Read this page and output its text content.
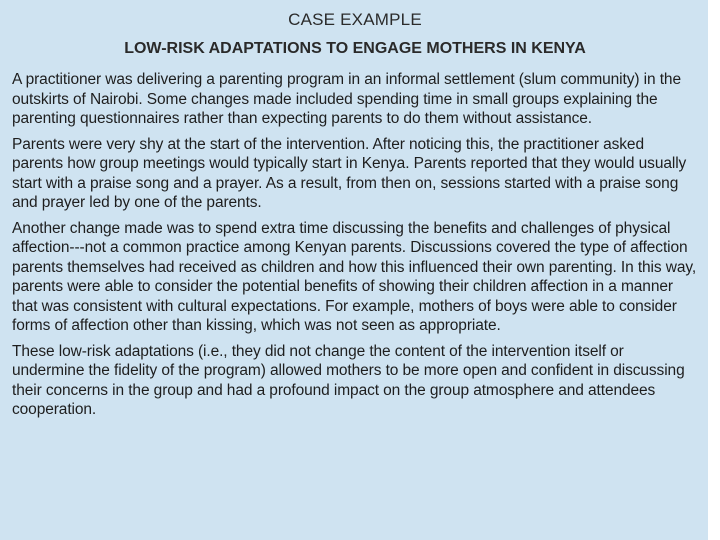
CASE EXAMPLE
LOW-RISK ADAPTATIONS TO ENGAGE MOTHERS IN KENYA

A practitioner was delivering a parenting program in an informal settlement (slum community) in the outskirts of Nairobi. Some changes made included spending time in small groups explaining the parenting questionnaires rather than expecting parents to do them without assistance.

Parents were very shy at the start of the intervention. After noticing this, the practitioner asked parents how group meetings would typically start in Kenya. Parents reported that they would usually start with a praise song and a prayer. As a result, from then on, sessions started with a praise song and prayer led by one of the parents.

Another change made was to spend extra time discussing the benefits and challenges of physical affection---not a common practice among Kenyan parents. Discussions covered the type of affection parents themselves had received as children and how this influenced their own parenting. In this way, parents were able to consider the potential benefits of showing their children affection in a manner that was consistent with cultural expectations. For example, mothers of boys were able to consider forms of affection other than kissing, which was not seen as appropriate.

These low-risk adaptations (i.e., they did not change the content of the intervention itself or undermine the fidelity of the program) allowed mothers to be more open and confident in discussing their concerns in the group and had a profound impact on the group atmosphere and attendees cooperation.
